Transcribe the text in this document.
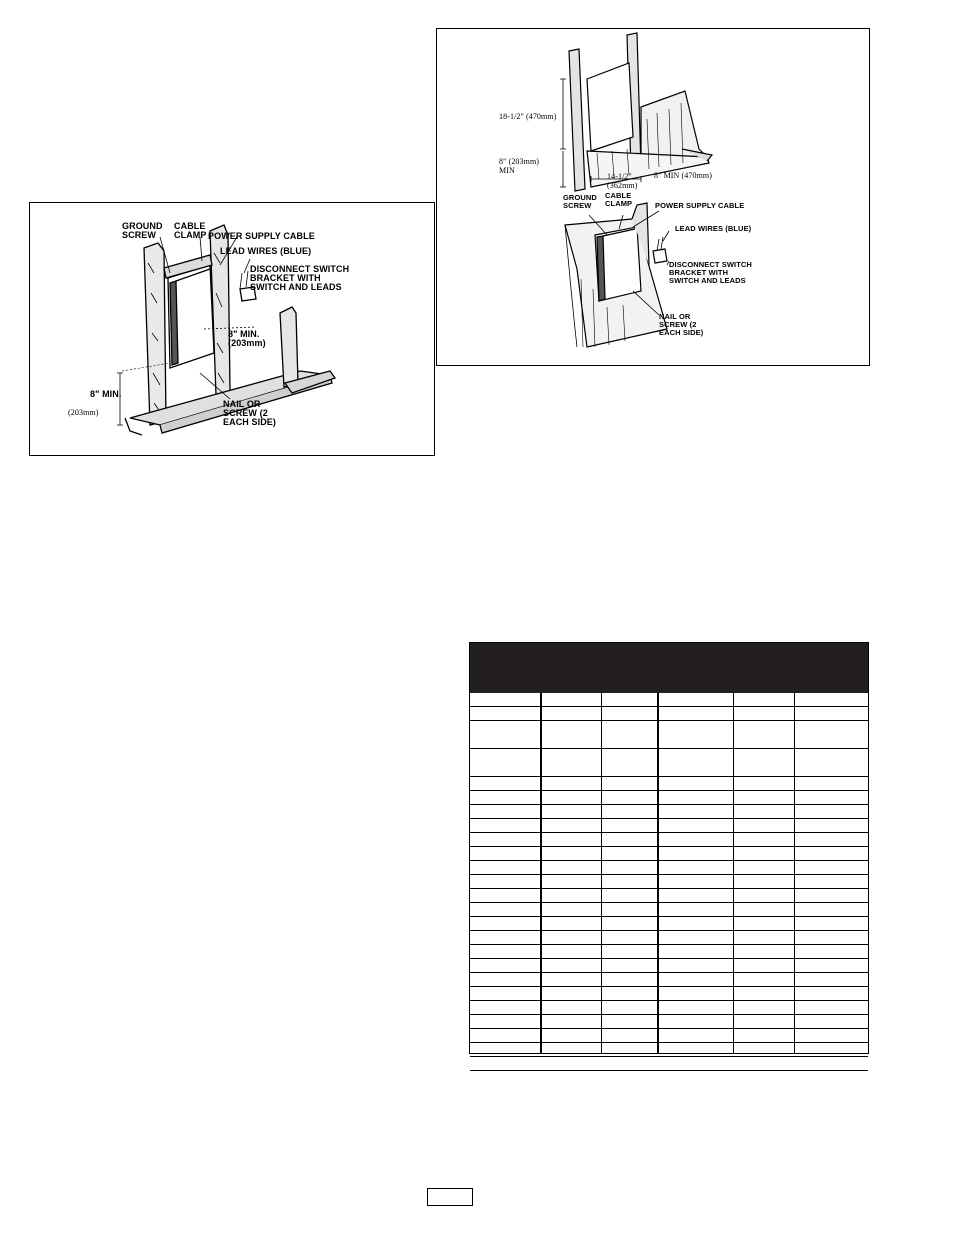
GROUND
SCREW
CABLE
CLAMP POWER SUPPLY CABLE
LEAD WIRES (BLUE)
DISCONNECT SWITCH
BRACKET WITH
SWITCH AND LEADS
8" MIN.
(203mm)
8" MIN.
(203mm)
NAIL OR
SCREW (2
EACH SIDE)
18-1/2" (470mm)
8" (203mm)
MIN
14-1/2"
(362mm)
8" MIN (470mm)
GROUND
SCREW
CABLE
CLAMP	POWER SUPPLY CABLE
LEAD WIRES (BLUE)
DISCONNECT SWITCH
BRACKET WITH
SWITCH AND LEADS
NAIL OR
SCREW (2
EACH SIDE)
